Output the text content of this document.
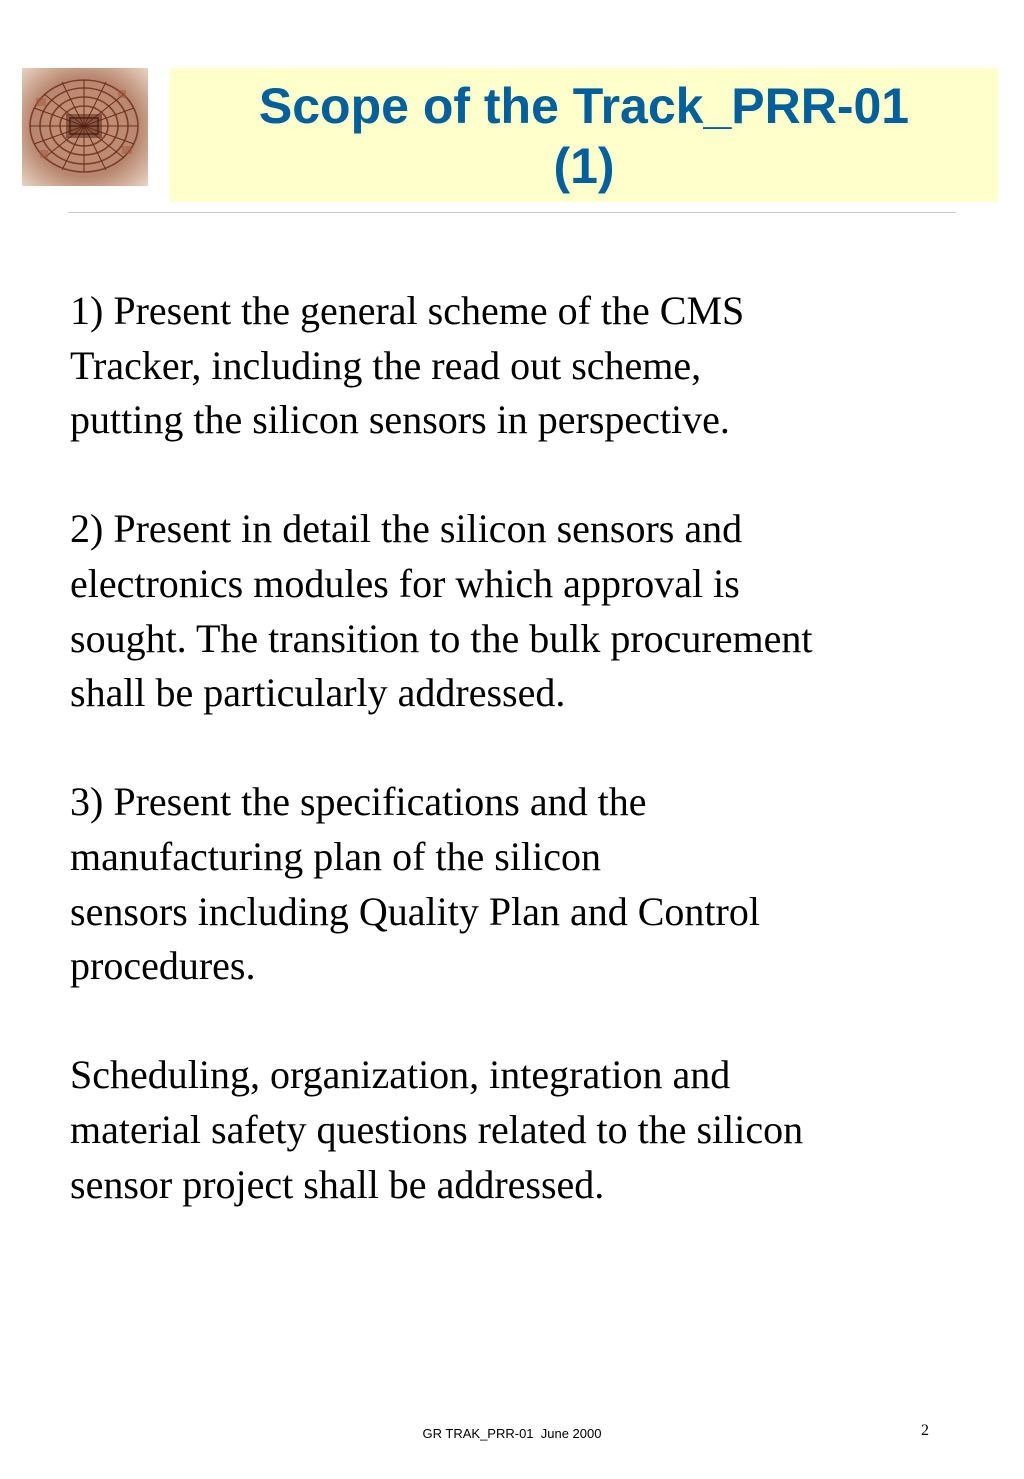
Scope of the Track_PRR-01
(1)
1) Present the general scheme of the CMS
Tracker, including the read out scheme,
putting the silicon sensors in perspective.
2) Present in detail the silicon sensors and
electronics modules for which approval is
sought. The transition to the bulk procurement
shall be particularly addressed.
3) Present the specifications and the
manufacturing plan of the silicon
sensors including Quality Plan and Control
procedures.
Scheduling, organization, integration and
material safety questions related to the silicon
sensor project shall be addressed.
GR TRAK_PRR-01  June 2000	2
